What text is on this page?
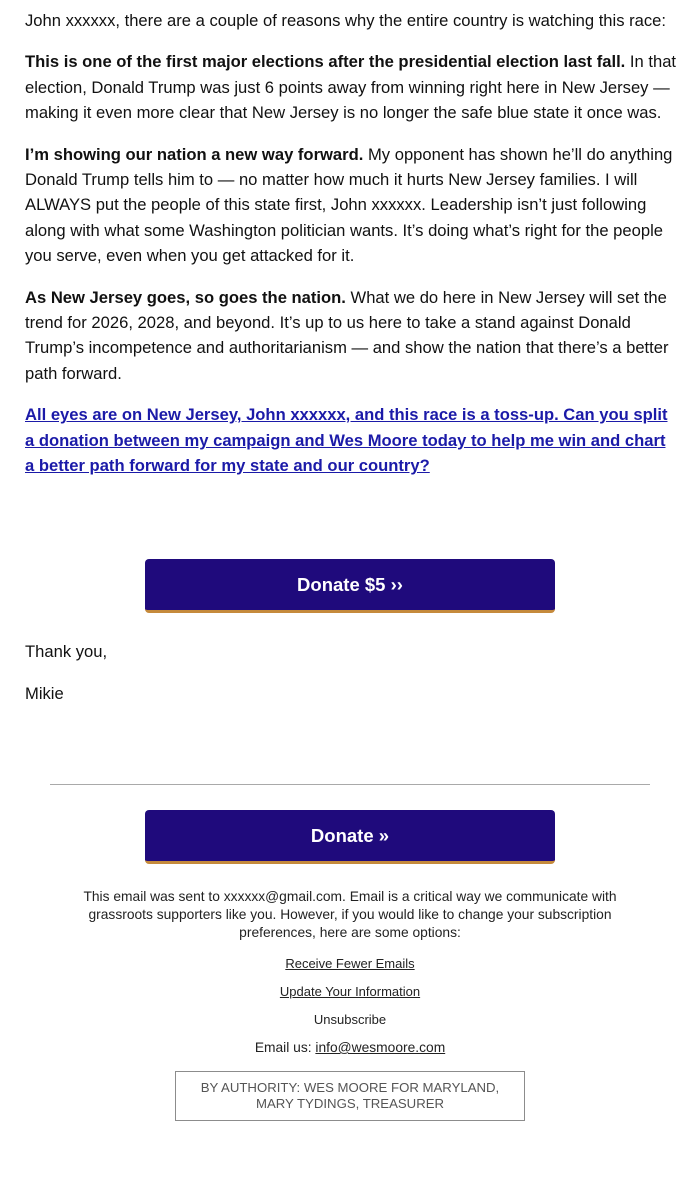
John xxxxxx, there are a couple of reasons why the entire country is watching this race:

This is one of the first major elections after the presidential election last fall. In that election, Donald Trump was just 6 points away from winning right here in New Jersey — making it even more clear that New Jersey is no longer the safe blue state it once was.

I’m showing our nation a new way forward. My opponent has shown he’ll do anything Donald Trump tells him to — no matter how much it hurts New Jersey families. I will ALWAYS put the people of this state first, John xxxxxx. Leadership isn’t just following along with what some Washington politician wants. It’s doing what’s right for the people you serve, even when you get attacked for it.

As New Jersey goes, so goes the nation. What we do here in New Jersey will set the trend for 2026, 2028, and beyond. It’s up to us here to take a stand against Donald Trump’s incompetence and authoritarianism — and show the nation that there’s a better path forward.

All eyes are on New Jersey, John xxxxxx, and this race is a toss-up. Can you split a donation between my campaign and Wes Moore today to help me win and chart a better path forward for my state and our country?
Donate $5 ››
Thank you,
Mikie
Donate »
This email was sent to xxxxxx@gmail.com. Email is a critical way we communicate with grassroots supporters like you. However, if you would like to change your subscription preferences, here are some options:
Receive Fewer Emails
Update Your Information
Unsubscribe
Email us: info@wesmoore.com
BY AUTHORITY: WES MOORE FOR MARYLAND,
MARY TYDINGS, TREASURER
